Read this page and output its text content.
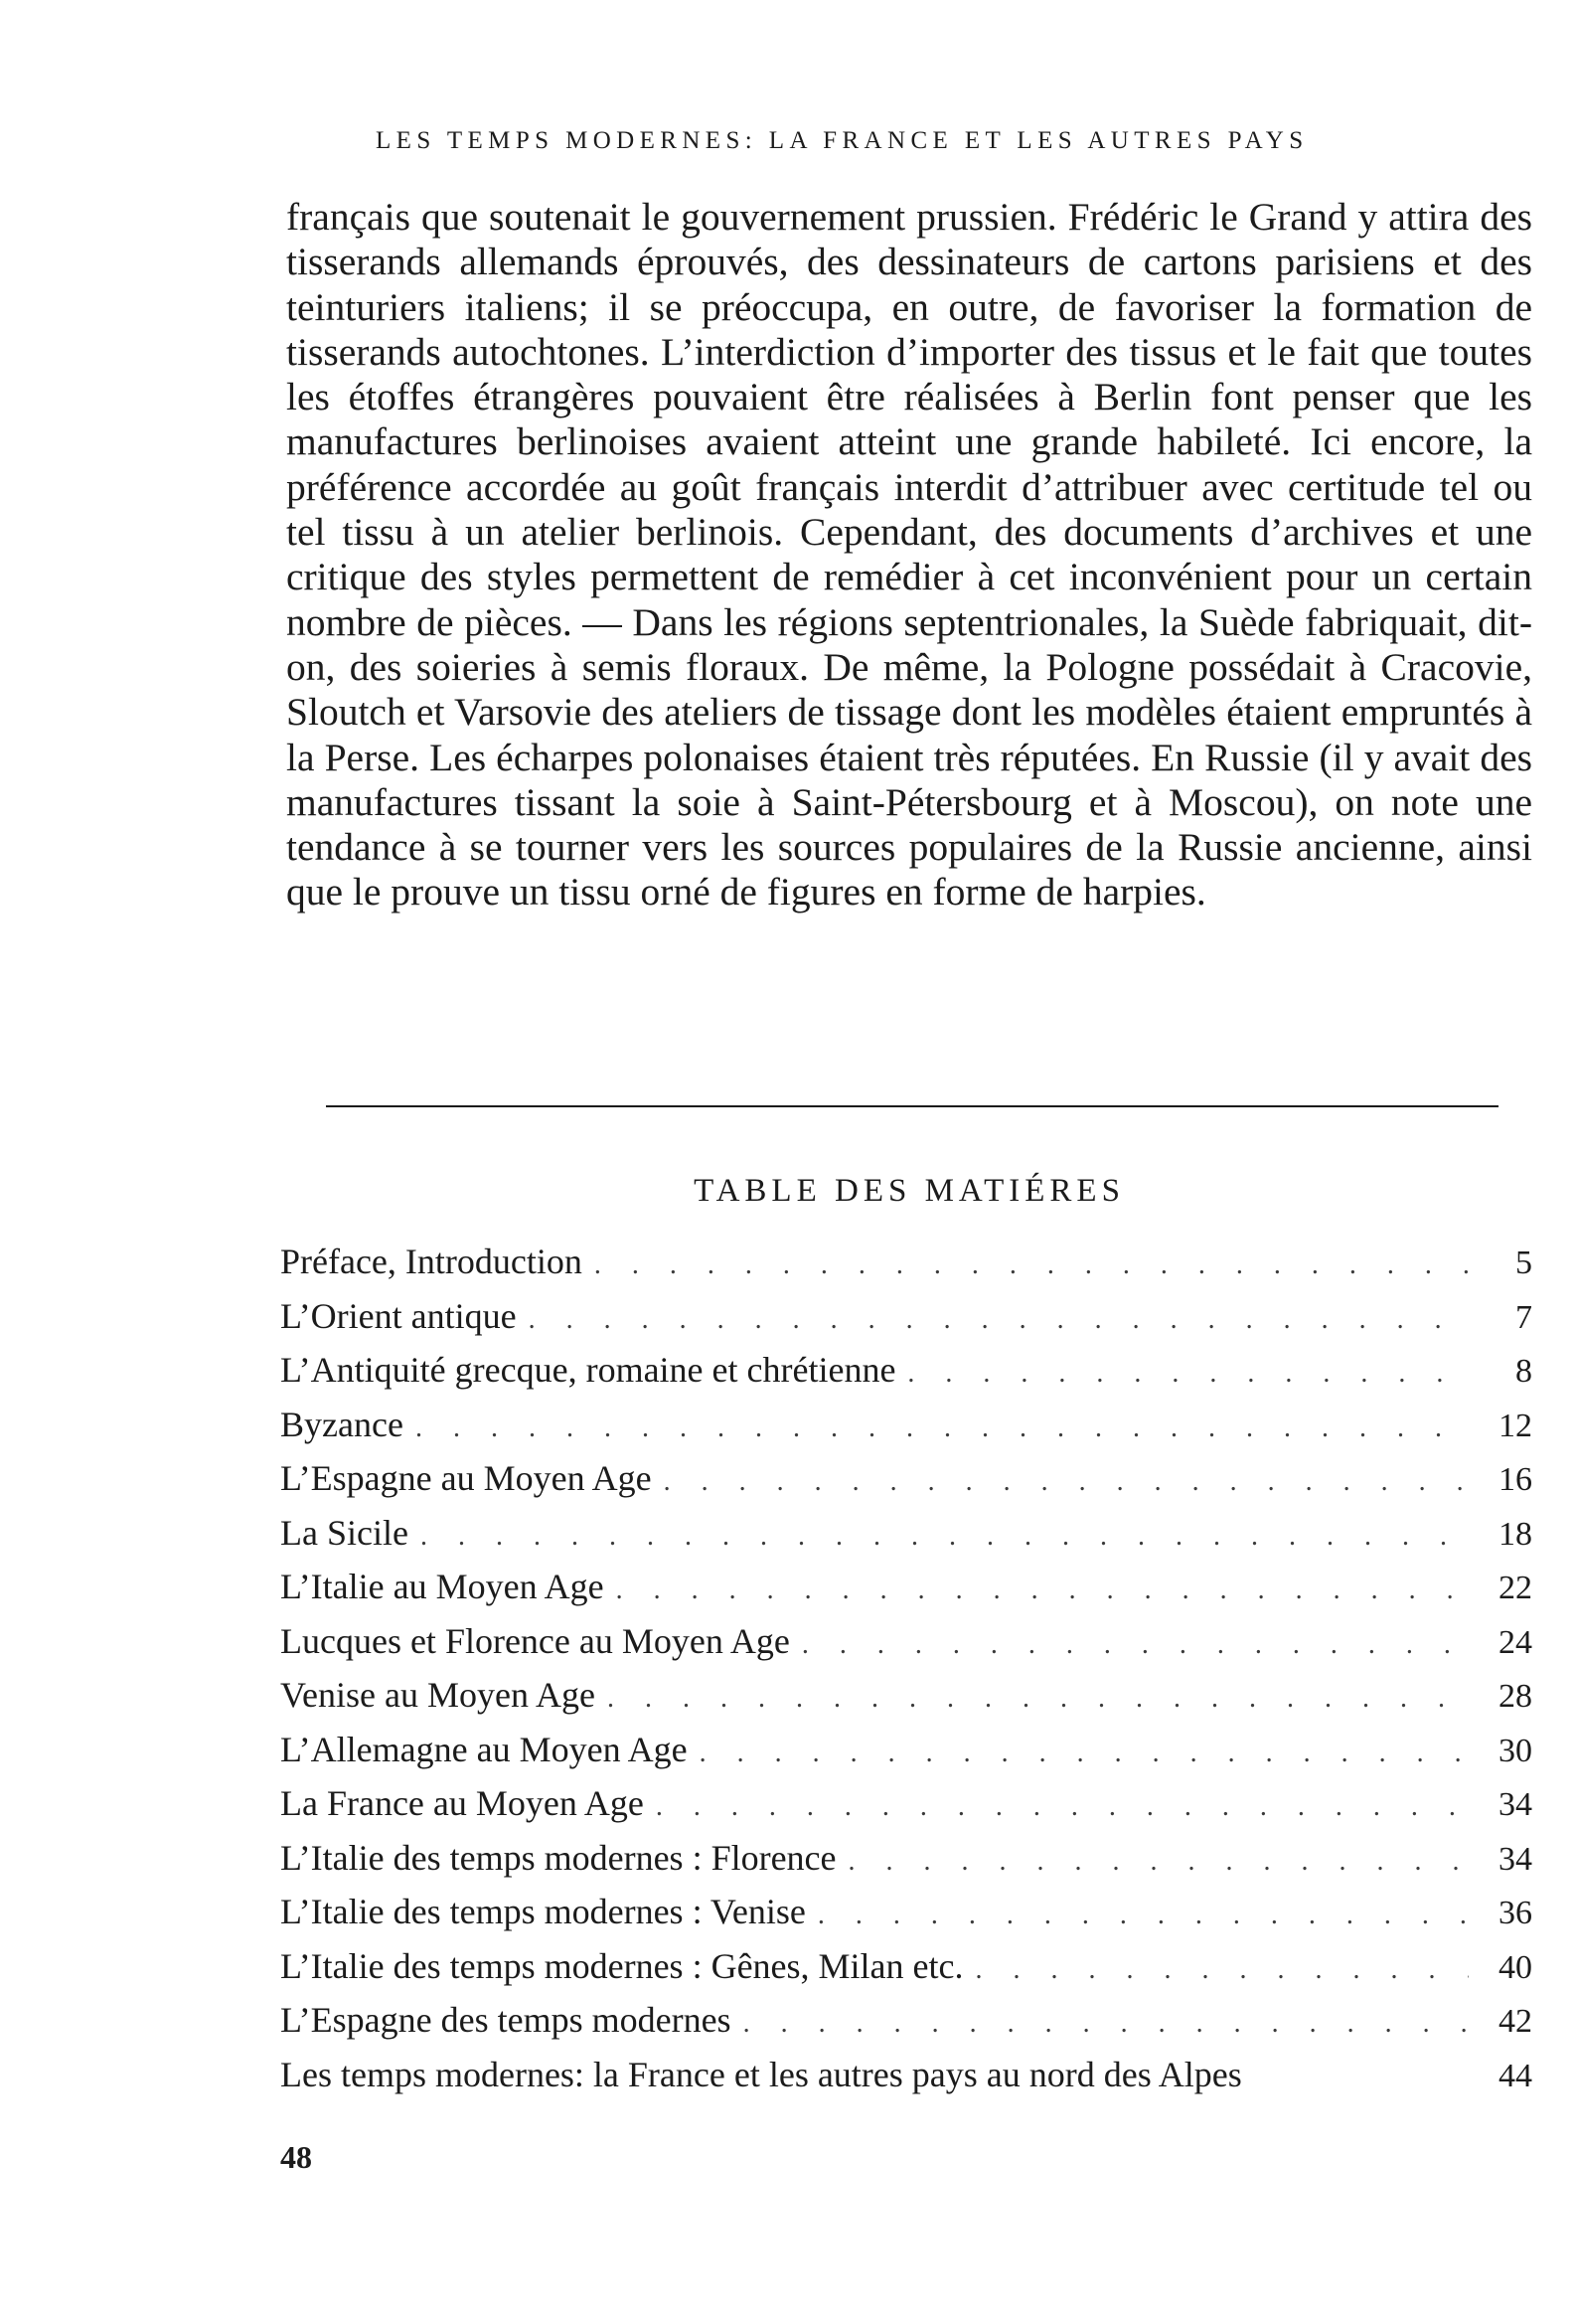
LES TEMPS MODERNES: LA FRANCE ET LES AUTRES PAYS

français que soutenait le gouvernement prussien. Frédéric le Grand y attira des tisserands allemands éprouvés, des dessinateurs de cartons parisiens et des teinturiers italiens; il se préoccupa, en outre, de favoriser la formation de tisserands autochtones. L’interdiction d’importer des tissus et le fait que toutes les étoffes étrangères pouvaient être réalisées à Berlin font penser que les manufactures berlinoises avaient atteint une grande habileté. Ici encore, la préférence accordée au goût français interdit d’attribuer avec certitude tel ou tel tissu à un atelier berlinois. Cependant, des documents d’archives et une critique des styles permettent de remédier à cet inconvénient pour un certain nombre de pièces. — Dans les régions septentrionales, la Suède fabriquait, dit-on, des soieries à semis floraux. De même, la Pologne possédait à Cracovie, Sloutch et Varsovie des ateliers de tissage dont les modèles étaient empruntés à la Perse. Les écharpes polonaises étaient très réputées. En Russie (il y avait des manufactures tissant la soie à Saint-Pétersbourg et à Moscou), on note une tendance à se tourner vers les sources populaires de la Russie ancienne, ainsi que le prouve un tissu orné de figures en forme de harpies.

TABLE DES MATIÉRES
Préface, Introduction . . .	5
L’Orient antique . . .	7
L’Antiquité grecque, romaine et chrétienne . . .	8
Byzance . . .	12
L’Espagne au Moyen Age . . .	16
La Sicile . . .	18
L’Italie au Moyen Age . . .	22
Lucques et Florence au Moyen Age . . .	24
Venise au Moyen Age . . .	28
L’Allemagne au Moyen Age . . .	30
La France au Moyen Age . . .	34
L’Italie des temps modernes : Florence . . .	34
L’Italie des temps modernes : Venise . . .	36
L’Italie des temps modernes : Gênes, Milan etc. . . .	40
L’Espagne des temps modernes . . .	42
Les temps modernes: la France et les autres pays au nord des Alpes	44
48
